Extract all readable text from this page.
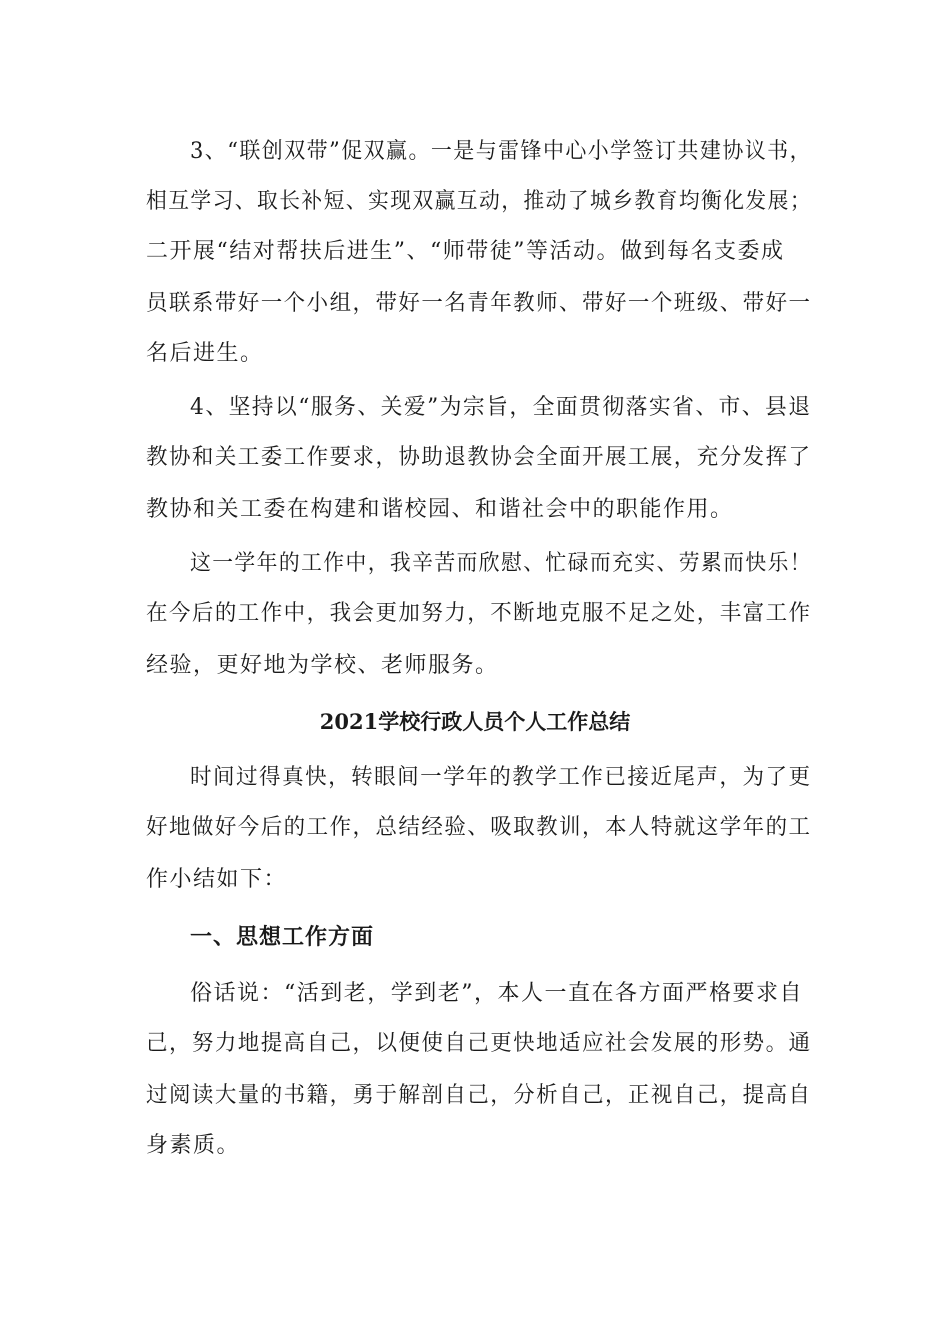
3、“联创双带”促双赢。一是与雷锋中心小学签订共建协议书，
相互学习、取长补短、实现双赢互动，推动了城乡教育均衡化发展；
二开展“结对帮扶后进生”、“师带徒”等活动。做到每名支委成
员联系带好一个小组，带好一名青年教师、带好一个班级、带好一
名后进生。
4、坚持以“服务、关爱”为宗旨，全面贯彻落实省、市、县退
教协和关工委工作要求，协助退教协会全面开展工展，充分发挥了
教协和关工委在构建和谐校园、和谐社会中的职能作用。
这一学年的工作中，我辛苦而欣慰、忙碌而充实、劳累而快乐！
在今后的工作中，我会更加努力，不断地克服不足之处，丰富工作
经验，更好地为学校、老师服务。
2021学校行政人员个人工作总结
时间过得真快，转眼间一学年的教学工作已接近尾声，为了更
好地做好今后的工作，总结经验、吸取教训，本人特就这学年的工
作小结如下：
一、思想工作方面
俗话说：“活到老，学到老”，本人一直在各方面严格要求自
己，努力地提高自己，以便使自己更快地适应社会发展的形势。通
过阅读大量的书籍，勇于解剖自己，分析自己，正视自己，提高自
身素质。
